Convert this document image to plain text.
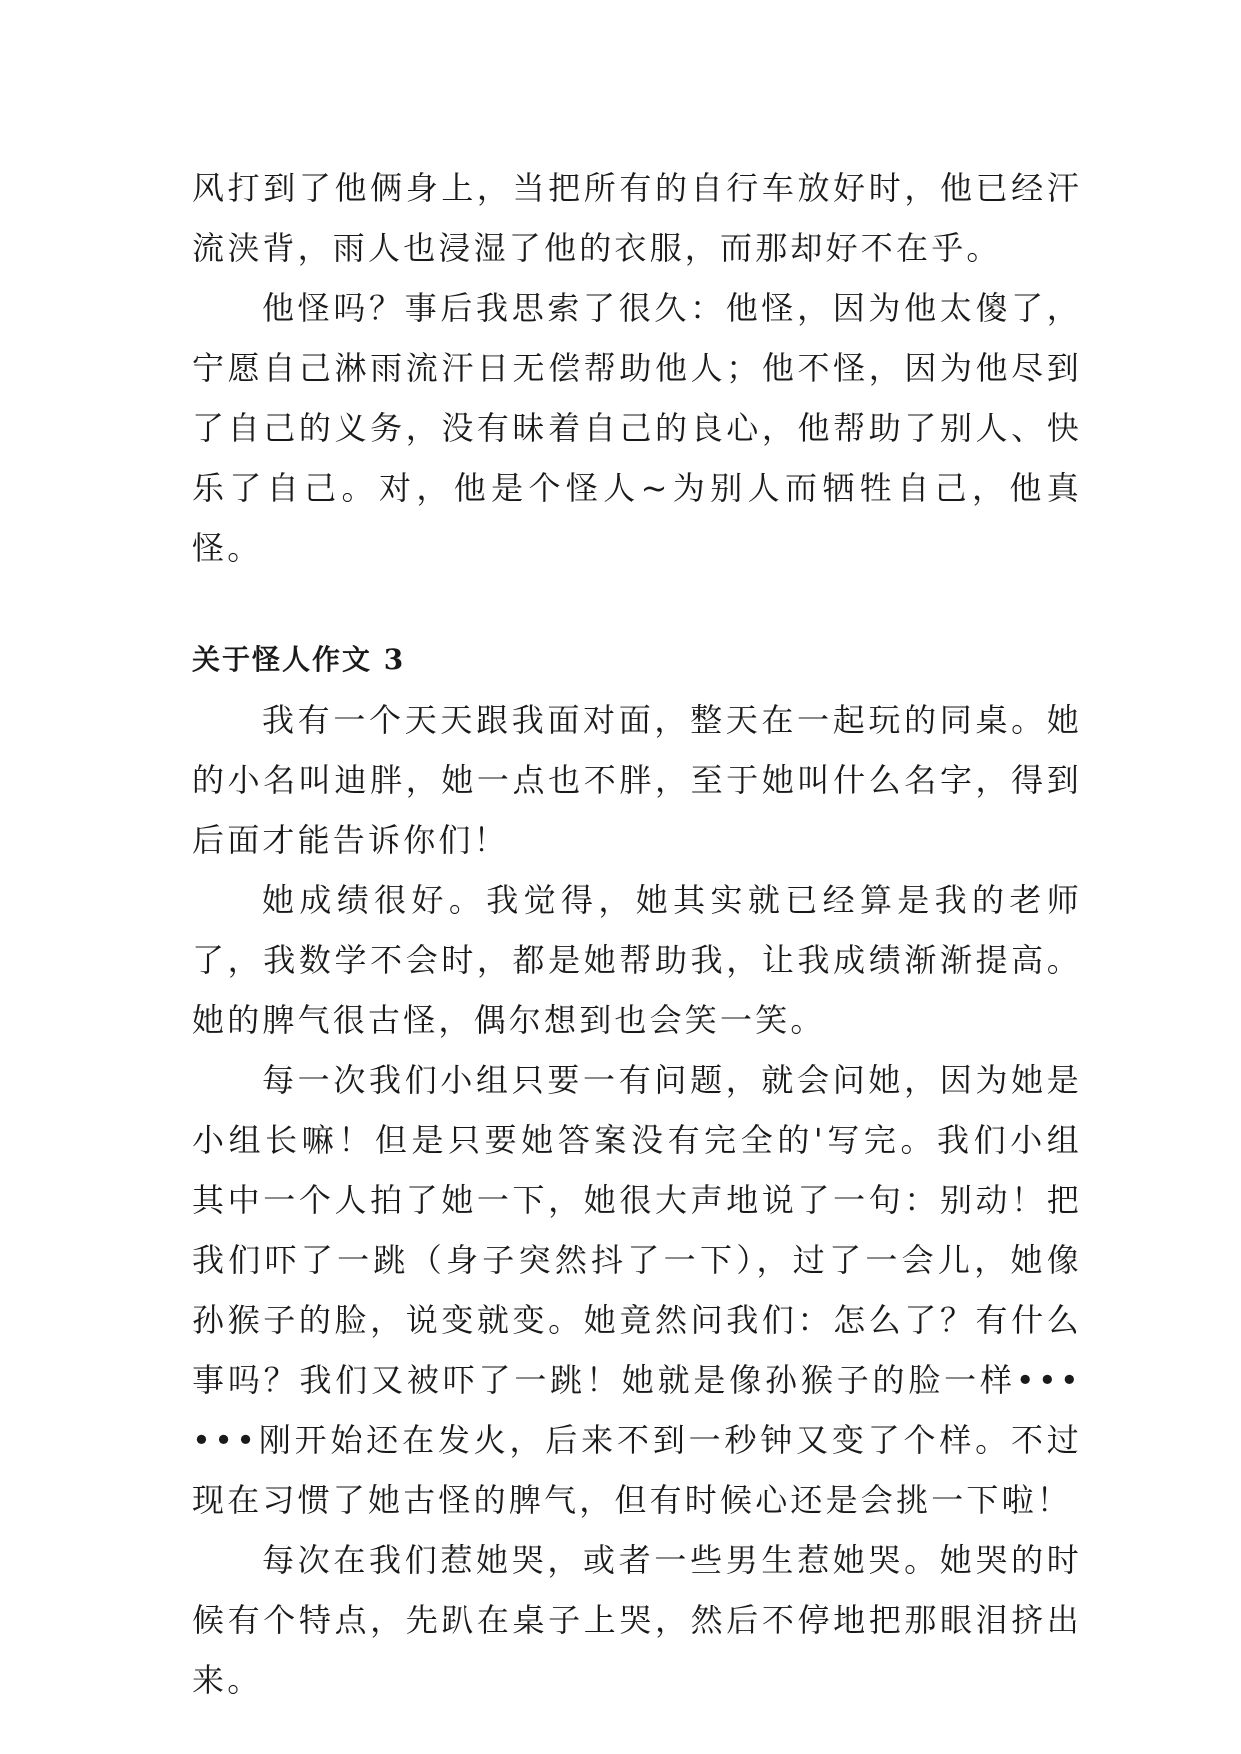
风打到了他俩身上，当把所有的自行车放好时，他已经汗流浃背，雨人也浸湿了他的衣服，而那却好不在乎。

他怪吗？事后我思索了很久：他怪，因为他太傻了，宁愿自己淋雨流汗日无偿帮助他人；他不怪，因为他尽到了自己的义务，没有昧着自己的良心，他帮助了别人、快乐了自己。对，他是个怪人~为别人而牺牲自己，他真怪。

关于怪人作文 3

我有一个天天跟我面对面，整天在一起玩的同桌。她的小名叫迪胖，她一点也不胖，至于她叫什么名字，得到后面才能告诉你们！

她成绩很好。我觉得，她其实就已经算是我的老师了，我数学不会时，都是她帮助我，让我成绩渐渐提高。她的脾气很古怪，偶尔想到也会笑一笑。

每一次我们小组只要一有问题，就会问她，因为她是小组长嘛！但是只要她答案没有完全的'写完。我们小组其中一个人拍了她一下，她很大声地说了一句：别动！把我们吓了一跳（身子突然抖了一下），过了一会儿，她像孙猴子的脸，说变就变。她竟然问我们：怎么了？有什么事吗？我们又被吓了一跳！她就是像孙猴子的脸一样••••••刚开始还在发火，后来不到一秒钟又变了个样。不过现在习惯了她古怪的脾气，但有时候心还是会挑一下啦！

每次在我们惹她哭，或者一些男生惹她哭。她哭的时候有个特点，先趴在桌子上哭，然后不停地把那眼泪挤出来。
